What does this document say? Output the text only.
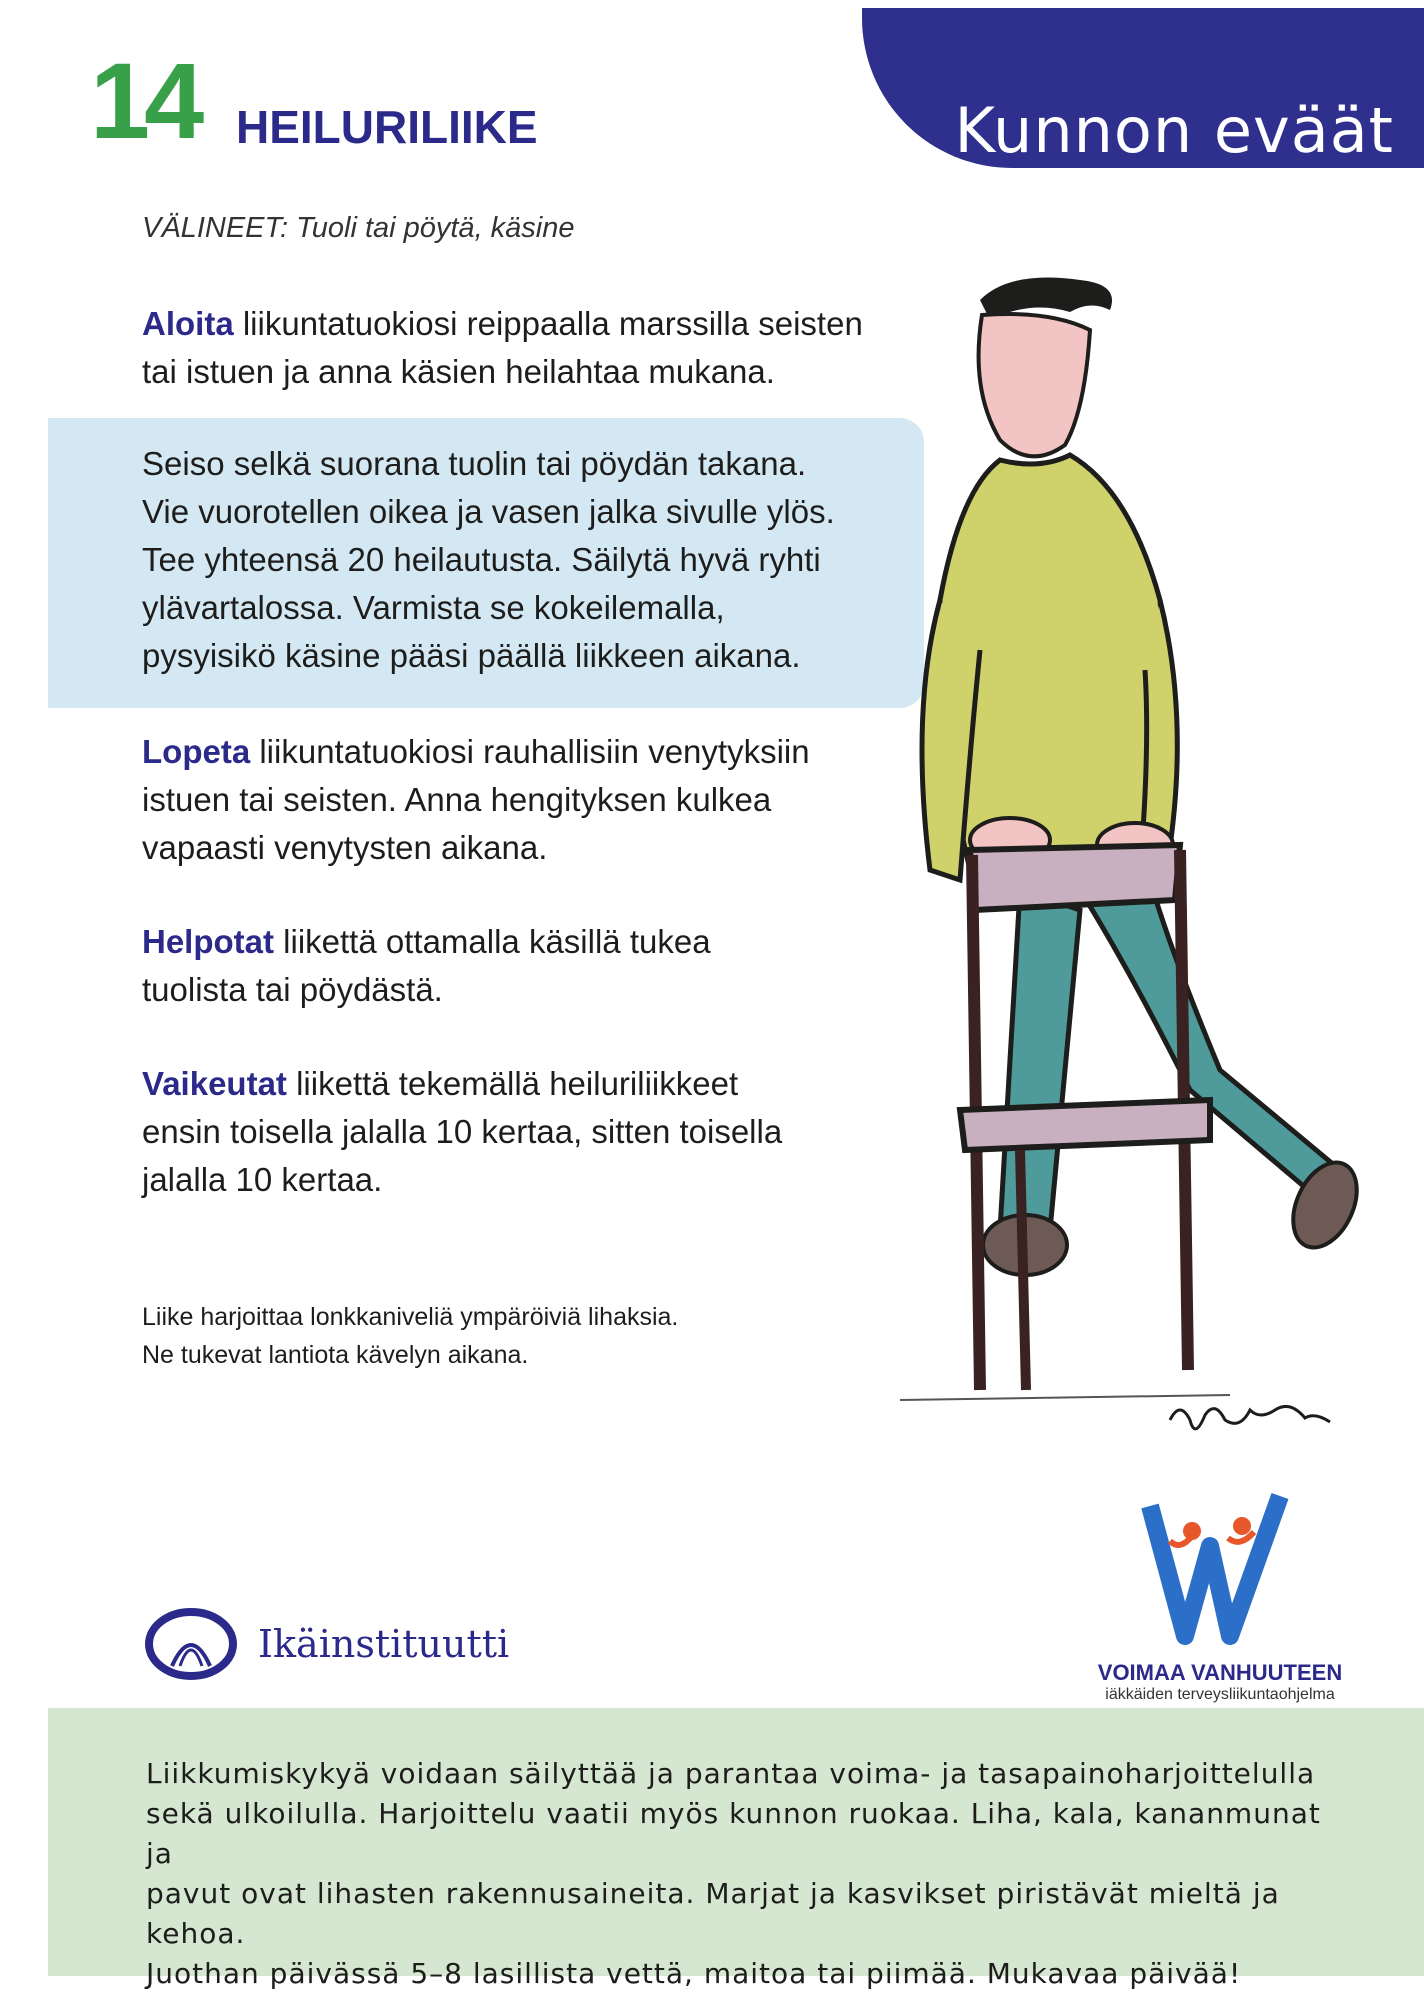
Kunnon eväät
14 HEILURILIIKE
VÄLINEET: Tuoli tai pöytä, käsine
Aloita liikuntatuokiosi reippaalla marssilla seisten
tai istuen ja anna käsien heilahtaa mukana.
Seiso selkä suorana tuolin tai pöydän takana.
Vie vuorotellen oikea ja vasen jalka sivulle ylös.
Tee yhteensä 20 heilautusta. Säilytä hyvä ryhti
ylävartalossa. Varmista se kokeilemalla,
pysyisikö käsine pääsi päällä liikkeen aikana.
Lopeta liikuntatuokiosi rauhallisiin venytyksiin
istuen tai seisten. Anna hengityksen kulkea
vapaasti venytysten aikana.
Helpotat liikettä ottamalla käsillä tukea
tuolista tai pöydästä.
Vaikeutat liikettä tekemällä heiluriliikkeet
ensin toisella jalalla 10 kertaa, sitten toisella
jalalla 10 kertaa.
Liike harjoittaa lonkkaniveliä ympäröiviä lihaksia.
Ne tukevat lantiota kävelyn aikana.
Ikäinstituutti
VOIMAA VANHUUTEEN
iäkkäiden terveysliikuntaohjelma
Liikkumiskykyä voidaan säilyttää ja parantaa voima- ja tasapainoharjoittelulla
sekä ulkoilulla. Harjoittelu vaatii myös kunnon ruokaa. Liha, kala, kananmunat ja
pavut ovat lihasten rakennusaineita. Marjat ja kasvikset piristävät mieltä ja kehoa.
Juothan päivässä 5–8 lasillista vettä, maitoa tai piimää. Mukavaa päivää!
